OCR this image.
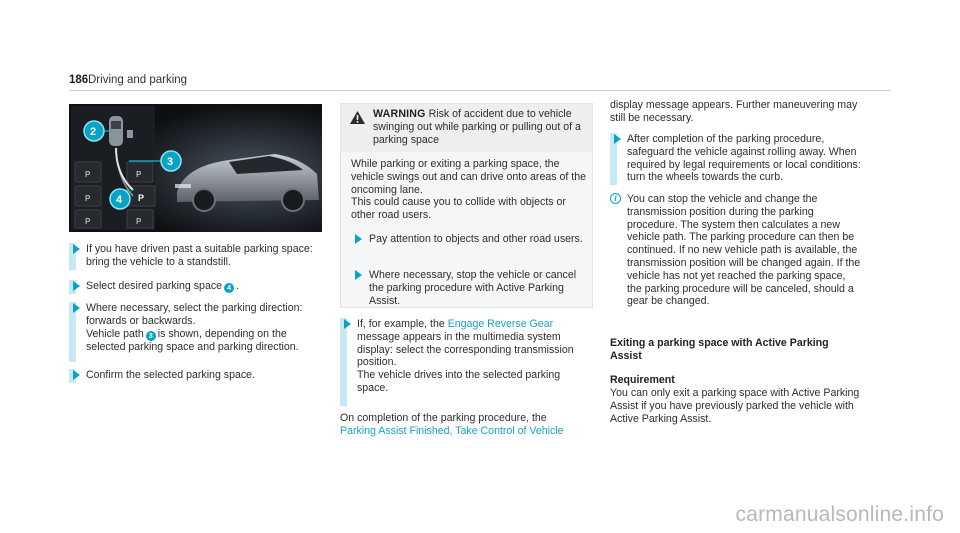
186 Driving and parking
P
P
P
P
P
P
2
3
4
If you have driven past a suitable parking space: bring the vehicle to a standstill.
Select desired parking space 4 .
Where necessary, select the parking direction: forwards or backwards.
Vehicle path 3 is shown, depending on the selected parking space and parking direction.
Confirm the selected parking space.
WARNING Risk of accident due to vehicle swinging out while parking or pulling out of a parking space
While parking or exiting a parking space, the vehicle swings out and can drive onto areas of the oncoming lane.
This could cause you to collide with objects or other road users.
Pay attention to objects and other road users.
Where necessary, stop the vehicle or cancel the parking procedure with Active Parking Assist.
If, for example, the Engage Reverse Gear message appears in the multimedia system display: select the corresponding transmission position.
The vehicle drives into the selected parking space.
On completion of the parking procedure, the
Parking Assist Finished, Take Control of Vehicle
display message appears. Further maneuvering may still be necessary.
After completion of the parking procedure, safeguard the vehicle against rolling away. When required by legal requirements or local conditions: turn the wheels towards the curb.
i You can stop the vehicle and change the transmission position during the parking procedure. The system then calculates a new vehicle path. The parking procedure can then be continued. If no new vehicle path is available, the transmission position will be changed again. If the vehicle has not yet reached the parking space, the parking procedure will be canceled, should a gear be changed.
Exiting a parking space with Active Parking Assist
Requirement
You can only exit a parking space with Active Parking Assist if you have previously parked the vehicle with Active Parking Assist.
carmanualsonline.info
